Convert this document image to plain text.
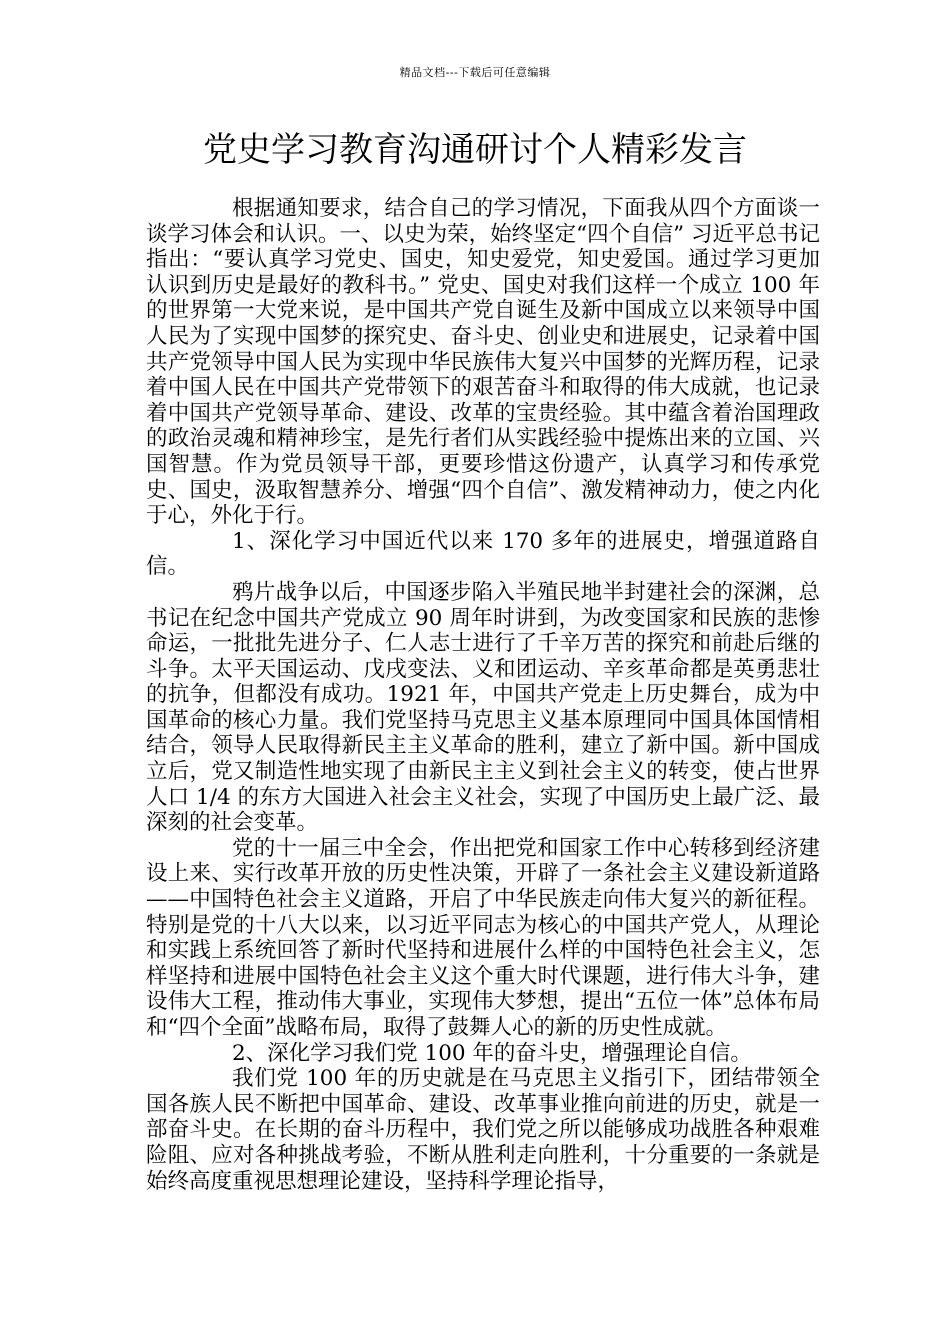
精品文档---下载后可任意编辑
党史学习教育沟通研讨个人精彩发言

根据通知要求，结合自己的学习情况，下面我从四个方面谈一谈学习体会和认识。一、以史为荣，始终坚定“四个自信” 习近平总书记指出：“要认真学习党史、国史，知史爱党，知史爱国。通过学习更加认识到历史是最好的教科书。” 党史、国史对我们这样一个成立 100 年的世界第一大党来说，是中国共产党自诞生及新中国成立以来领导中国人民为了实现中国梦的探究史、奋斗史、创业史和进展史，记录着中国共产党领导中国人民为实现中华民族伟大复兴中国梦的光辉历程，记录着中国人民在中国共产党带领下的艰苦奋斗和取得的伟大成就，也记录着中国共产党领导革命、建设、改革的宝贵经验。其中蕴含着治国理政的政治灵魂和精神珍宝，是先行者们从实践经验中提炼出来的立国、兴国智慧。作为党员领导干部，更要珍惜这份遗产，认真学习和传承党史、国史，汲取智慧养分、增强“四个自信”、激发精神动力，使之内化于心，外化于行。

1、深化学习中国近代以来 170 多年的进展史，增强道路自信。

鸦片战争以后，中国逐步陷入半殖民地半封建社会的深渊，总书记在纪念中国共产党成立 90 周年时讲到，为改变国家和民族的悲惨命运，一批批先进分子、仁人志士进行了千辛万苦的探究和前赴后继的斗争。太平天国运动、戊戌变法、义和团运动、辛亥革命都是英勇悲壮的抗争，但都没有成功。1921 年，中国共产党走上历史舞台，成为中国革命的核心力量。我们党坚持马克思主义基本原理同中国具体国情相结合，领导人民取得新民主主义革命的胜利，建立了新中国。新中国成立后，党又制造性地实现了由新民主主义到社会主义的转变，使占世界人口 1/4 的东方大国进入社会主义社会，实现了中国历史上最广泛、最深刻的社会变革。

党的十一届三中全会，作出把党和国家工作中心转移到经济建设上来、实行改革开放的历史性决策，开辟了一条社会主义建设新道路——中国特色社会主义道路，开启了中华民族走向伟大复兴的新征程。特别是党的十八大以来，以习近平同志为核心的中国共产党人，从理论和实践上系统回答了新时代坚持和进展什么样的中国特色社会主义，怎样坚持和进展中国特色社会主义这个重大时代课题，进行伟大斗争，建设伟大工程，推动伟大事业，实现伟大梦想，提出“五位一体”总体布局和“四个全面”战略布局，取得了鼓舞人心的新的历史性成就。

2、深化学习我们党 100 年的奋斗史，增强理论自信。

我们党 100 年的历史就是在马克思主义指引下，团结带领全国各族人民不断把中国革命、建设、改革事业推向前进的历史，就是一部奋斗史。在长期的奋斗历程中，我们党之所以能够成功战胜各种艰难险阻、应对各种挑战考验，不断从胜利走向胜利，十分重要的一条就是始终高度重视思想理论建设，坚持科学理论指导，
